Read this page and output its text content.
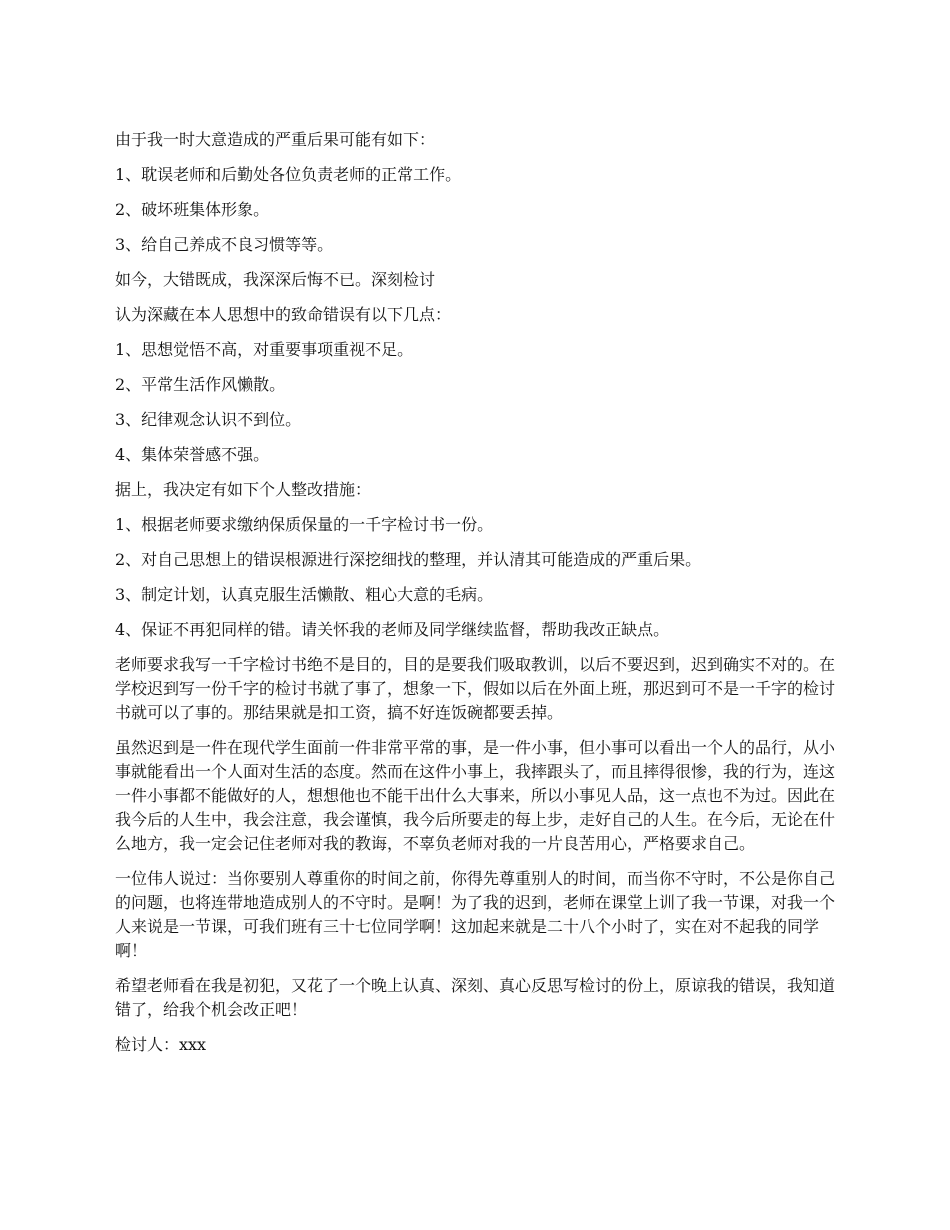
由于我一时大意造成的严重后果可能有如下：

1、耽误老师和后勤处各位负责老师的正常工作。

2、破坏班集体形象。

3、给自己养成不良习惯等等。

如今，大错既成，我深深后悔不已。深刻检讨

认为深藏在本人思想中的致命错误有以下几点：

1、思想觉悟不高，对重要事项重视不足。

2、平常生活作风懒散。

3、纪律观念认识不到位。

4、集体荣誉感不强。

据上，我决定有如下个人整改措施：

1、根据老师要求缴纳保质保量的一千字检讨书一份。

2、对自己思想上的错误根源进行深挖细找的整理，并认清其可能造成的严重后果。

3、制定计划，认真克服生活懒散、粗心大意的毛病。

4、保证不再犯同样的错。请关怀我的老师及同学继续监督，帮助我改正缺点。

老师要求我写一千字检讨书绝不是目的，目的是要我们吸取教训，以后不要迟到，迟到确实不对的。在学校迟到写一份千字的检讨书就了事了，想象一下，假如以后在外面上班，那迟到可不是一千字的检讨书就可以了事的。那结果就是扣工资，搞不好连饭碗都要丢掉。

虽然迟到是一件在现代学生面前一件非常平常的事，是一件小事，但小事可以看出一个人的品行，从小事就能看出一个人面对生活的态度。然而在这件小事上，我摔跟头了，而且摔得很惨，我的行为，连这一件小事都不能做好的人，想想他也不能干出什么大事来，所以小事见人品，这一点也不为过。因此在我今后的人生中，我会注意，我会谨慎，我今后所要走的每上步，走好自己的人生。在今后，无论在什么地方，我一定会记住老师对我的教诲，不辜负老师对我的一片良苦用心，严格要求自己。

一位伟人说过：当你要别人尊重你的时间之前，你得先尊重别人的时间，而当你不守时，不公是你自己的问题，也将连带地造成别人的不守时。是啊！为了我的迟到，老师在课堂上训了我一节课，对我一个人来说是一节课，可我们班有三十七位同学啊！这加起来就是二十八个小时了，实在对不起我的同学啊！

希望老师看在我是初犯，又花了一个晚上认真、深刻、真心反思写检讨的份上，原谅我的错误，我知道错了，给我个机会改正吧！

检讨人：xxx
